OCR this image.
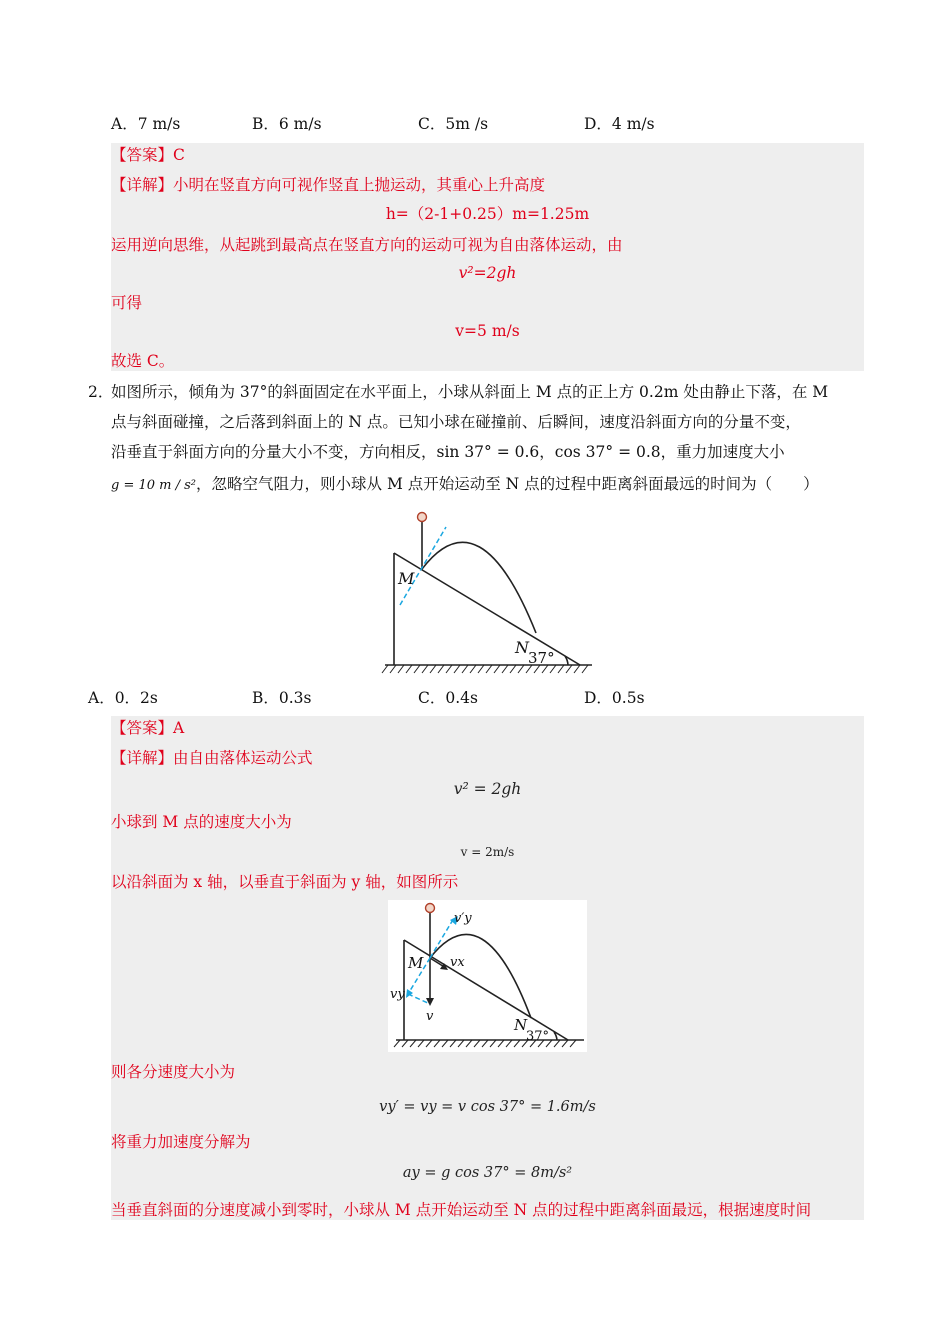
A．7 m/s	B．6 m/s	C．5m /s	D．4 m/s
【答案】C
【详解】小明在竖直方向可视作竖直上抛运动，其重心上升高度
h=（2-1+0.25）m=1.25m
运用逆向思维，从起跳到最高点在竖直方向的运动可视为自由落体运动，由
v²=2gh
可得
v=5 m/s
故选 C。
2．
如图所示，倾角为 37°的斜面固定在水平面上，小球从斜面上 M 点的正上方 0.2m 处由静止下落，在 M
点与斜面碰撞，之后落到斜面上的 N 点。已知小球在碰撞前、后瞬间，速度沿斜面方向的分量不变，
沿垂直于斜面方向的分量大小不变，方向相反，sin 37° = 0.6，cos 37° = 0.8，重力加速度大小
g = 10 m / s²，忽略空气阻力，则小球从 M 点开始运动至 N 点的过程中距离斜面最远的时间为（　　）
M
N
37°
A．0．2s	B．0.3s	C．0.4s	D．0.5s
【答案】A
【详解】由自由落体运动公式
v² = 2gh
小球到 M 点的速度大小为
v = 2m/s
以沿斜面为 x 轴，以垂直于斜面为 y 轴，如图所示
v′y
vx
M
vy
v	N
37°
则各分速度大小为
vy′ = vy = v cos 37° = 1.6m/s
将重力加速度分解为
ay = g cos 37° = 8m/s²
当垂直斜面的分速度减小到零时，小球从 M 点开始运动至 N 点的过程中距离斜面最远，根据速度时间
